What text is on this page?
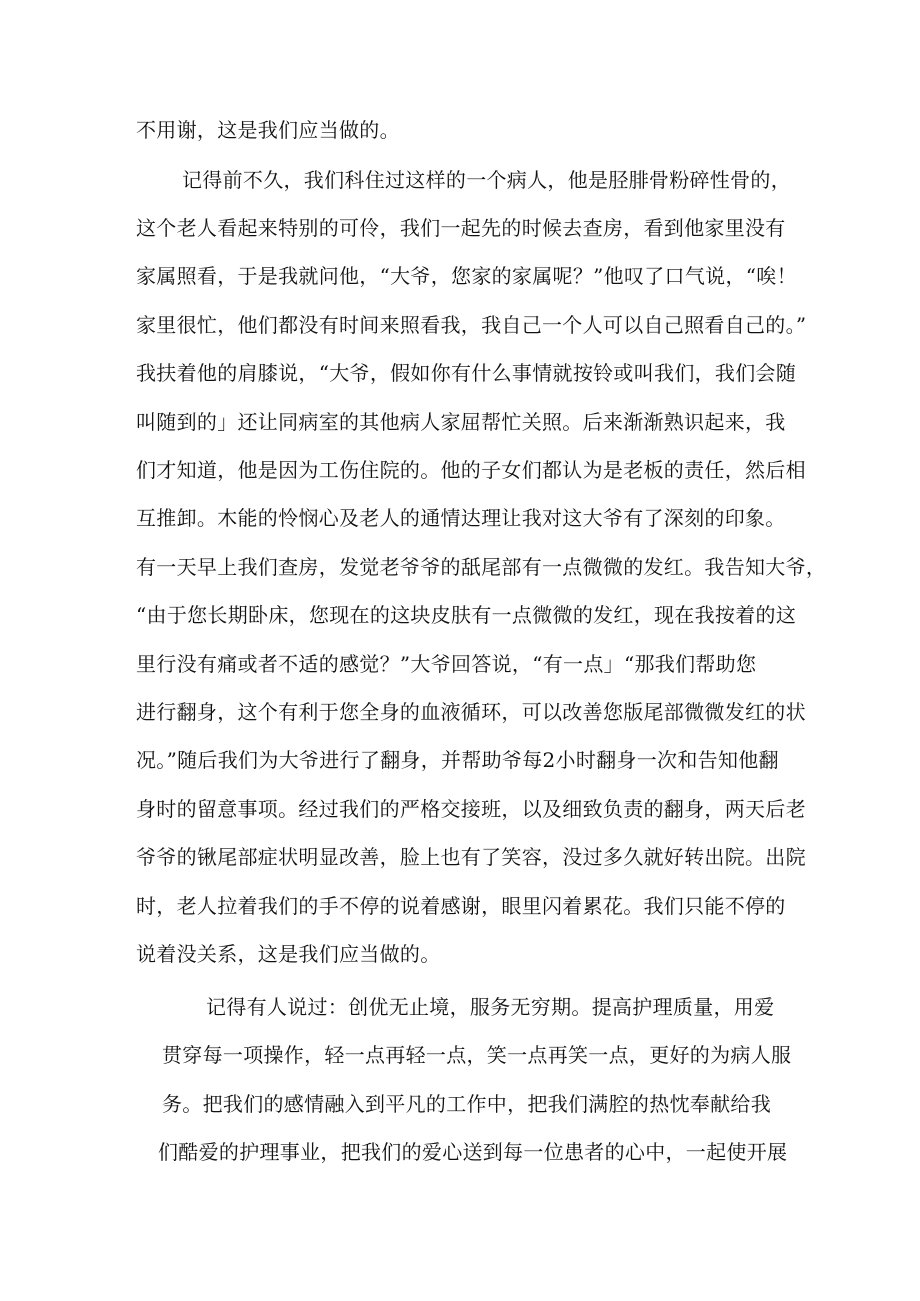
不用谢，这是我们应当做的。
记得前不久，我们科住过这样的一个病人，他是胫腓骨粉碎性骨的，
这个老人看起来特别的可伶，我们一起先的时候去查房，看到他家里没有
家属照看，于是我就问他，“大爷，您家的家属呢？”他叹了口气说，“唉！
家里很忙，他们都没有时间来照看我，我自己一个人可以自己照看自己的。”
我扶着他的肩膝说，“大爷，假如你有什么事情就按铃或叫我们，我们会随
叫随到的」还让同病室的其他病人家屈帮忙关照。后来渐渐熟识起来，我
们才知道，他是因为工伤住院的。他的子女们都认为是老板的责任，然后相
互推卸。木能的怜悯心及老人的通情达理让我对这大爷有了深刻的印象。
有一天早上我们查房，发觉老爷爷的舐尾部有一点微微的发红。我告知大爷，
“由于您长期卧床，您现在的这块皮肤有一点微微的发红，现在我按着的这
里行没有痛或者不适的感觉？”大爷回答说，“有一点」“那我们帮助您
进行翻身，这个有利于您全身的血液循环，可以改善您版尾部微微发红的状
况。”随后我们为大爷进行了翻身，并帮助爷每2小时翻身一次和告知他翻
身时的留意事项。经过我们的严格交接班，以及细致负责的翻身，两天后老
爷爷的锹尾部症状明显改善，脸上也有了笑容，没过多久就好转出院。出院
时，老人拉着我们的手不停的说着感谢，眼里闪着累花。我们只能不停的
说着没关系，这是我们应当做的。
记得有人说过：创优无止境，服务无穷期。提高护理质量，用爱
贯穿每一项操作，轻一点再轻一点，笑一点再笑一点，更好的为病人服
务。把我们的感情融入到平凡的工作中，把我们满腔的热忱奉献给我
们酷爱的护理事业，把我们的爱心送到每一位患者的心中，一起使开展
